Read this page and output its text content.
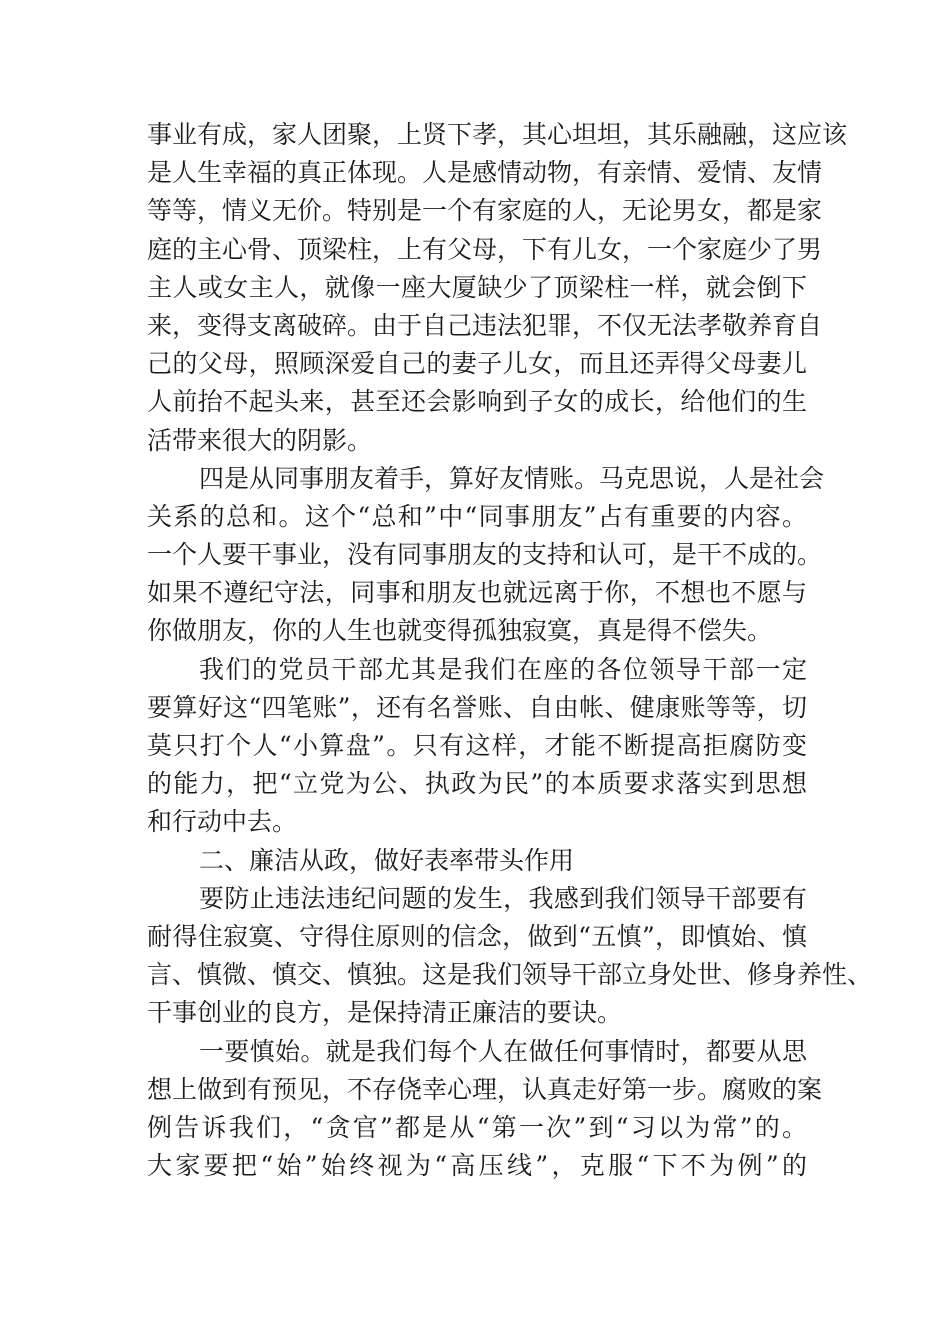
事业有成，家人团聚，上贤下孝，其心坦坦，其乐融融，这应该
是人生幸福的真正体现。人是感情动物，有亲情、爱情、友情
等等，情义无价。特别是一个有家庭的人，无论男女，都是家
庭的主心骨、顶梁柱，上有父母，下有儿女，一个家庭少了男
主人或女主人，就像一座大厦缺少了顶梁柱一样，就会倒下
来，变得支离破碎。由于自己违法犯罪，不仅无法孝敬养育自
己的父母，照顾深爱自己的妻子儿女，而且还弄得父母妻儿
人前抬不起头来，甚至还会影响到子女的成长，给他们的生
活带来很大的阴影。
四是从同事朋友着手，算好友情账。马克思说，人是社会
关系的总和。这个“总和”中“同事朋友”占有重要的内容。
一个人要干事业，没有同事朋友的支持和认可，是干不成的。
如果不遵纪守法，同事和朋友也就远离于你，不想也不愿与
你做朋友，你的人生也就变得孤独寂寞，真是得不偿失。
我们的党员干部尤其是我们在座的各位领导干部一定
要算好这“四笔账”，还有名誉账、自由帐、健康账等等，切
莫只打个人“小算盘”。只有这样，才能不断提高拒腐防变
的能力，把“立党为公、执政为民”的本质要求落实到思想
和行动中去。
二、廉洁从政，做好表率带头作用
要防止违法违纪问题的发生，我感到我们领导干部要有
耐得住寂寞、守得住原则的信念，做到“五慎”，即慎始、慎
言、慎微、慎交、慎独。这是我们领导干部立身处世、修身养性、
干事创业的良方，是保持清正廉洁的要诀。
一要慎始。就是我们每个人在做任何事情时，都要从思
想上做到有预见，不存侥幸心理，认真走好第一步。腐败的案
例告诉我们，“贪官”都是从“第一次”到“习以为常”的。
大家要把“始”始终视为“高压线”，克服“下不为例”的
